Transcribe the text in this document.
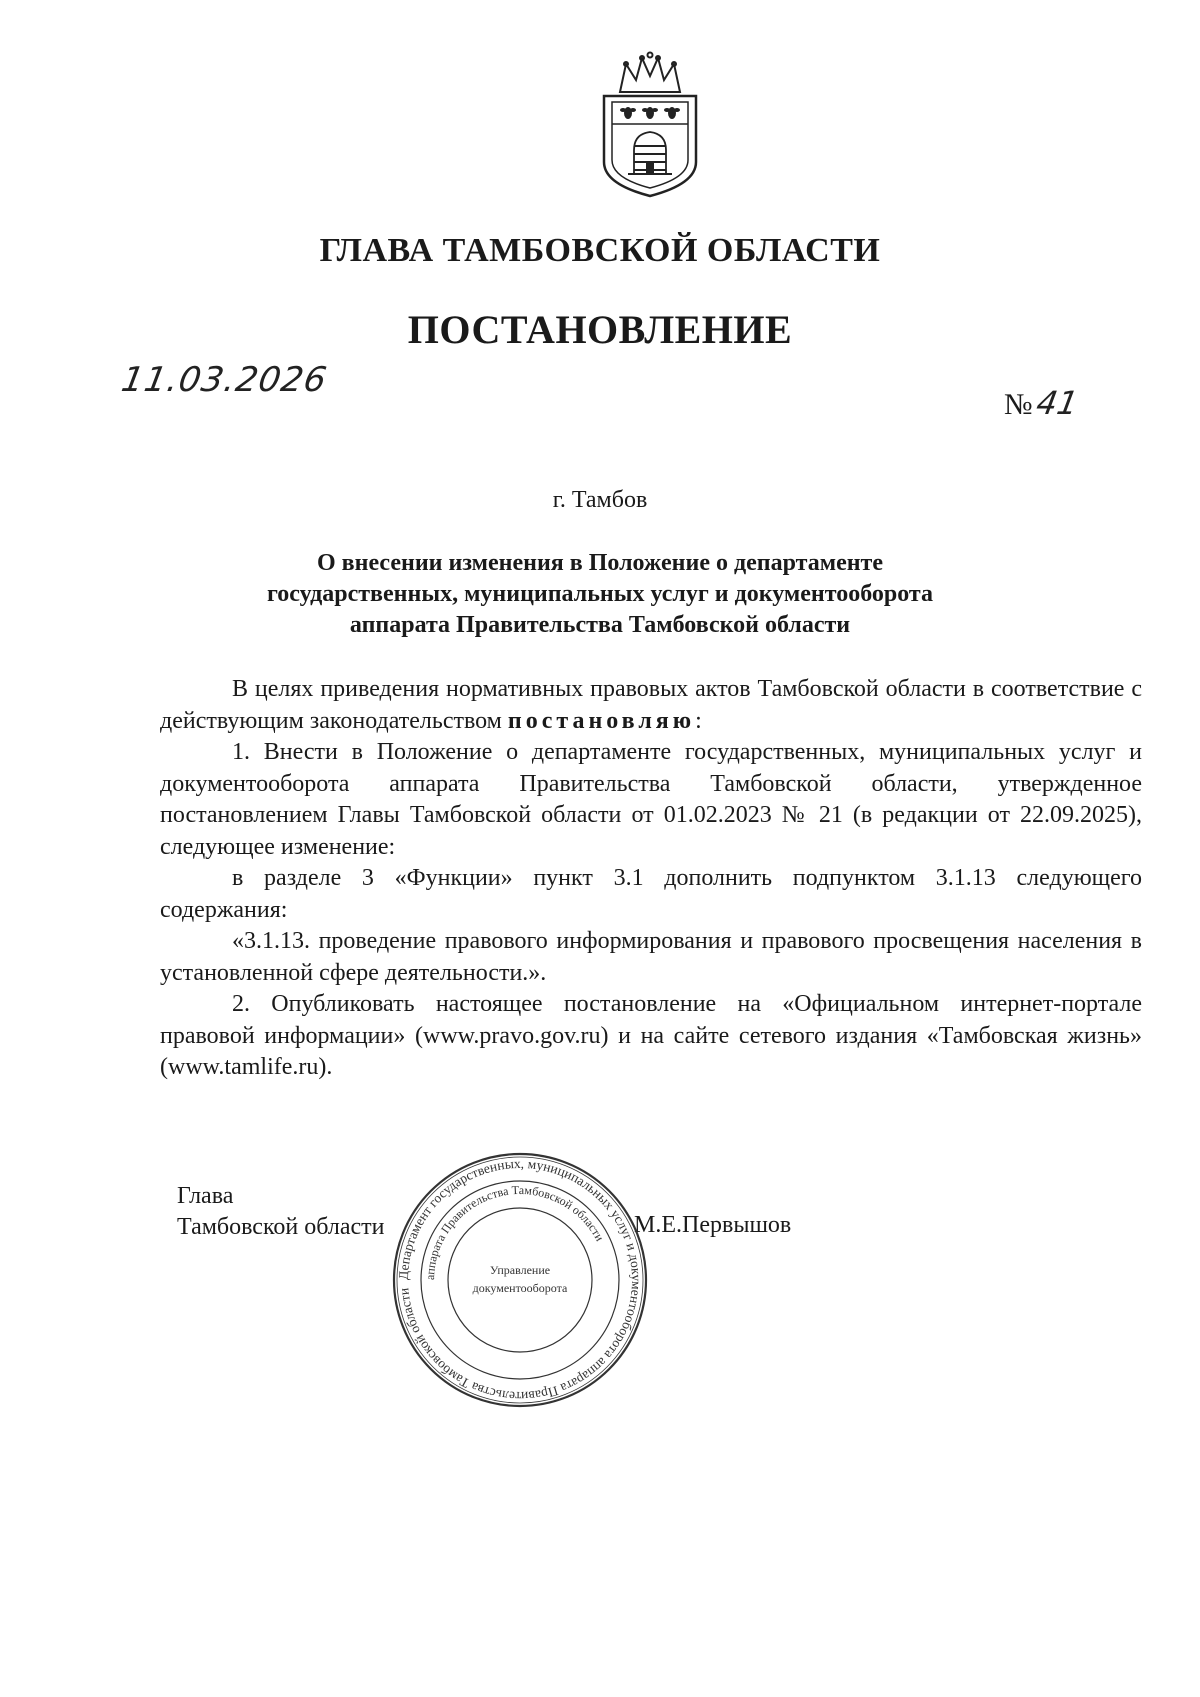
ГЛАВА ТАМБОВСКОЙ ОБЛАСТИ
ПОСТАНОВЛЕНИЕ
11.03.2026
№41
г. Тамбов
О внесении изменения в Положение о департаменте
государственных, муниципальных услуг и документооборота
аппарата Правительства Тамбовской области

В целях приведения нормативных правовых актов Тамбовской области в соответствие с действующим законодательством постановляю:

1. Внести в Положение о департаменте государственных, муниципальных услуг и документооборота аппарата Правительства Тамбовской области, утвержденное постановлением Главы Тамбовской области от 01.02.2023 № 21 (в редакции от 22.09.2025), следующее изменение:

в разделе 3 «Функции» пункт 3.1 дополнить подпунктом 3.1.13 следующего содержания:

«3.1.13. проведение правового информирования и правового просвещения населения в установленной сфере деятельности.».

2. Опубликовать настоящее постановление на «Официальном интернет-портале правовой информации» (www.pravo.gov.ru) и на сайте сетевого издания «Тамбовская жизнь» (www.tamlife.ru).

Глава
Тамбовской области	М.Е.Первышов
Департамент государственных, муниципальных услуг и документооборота аппарата Правительства Тамбовской области
аппарата Правительства Тамбовской области
Управление
документооборота
